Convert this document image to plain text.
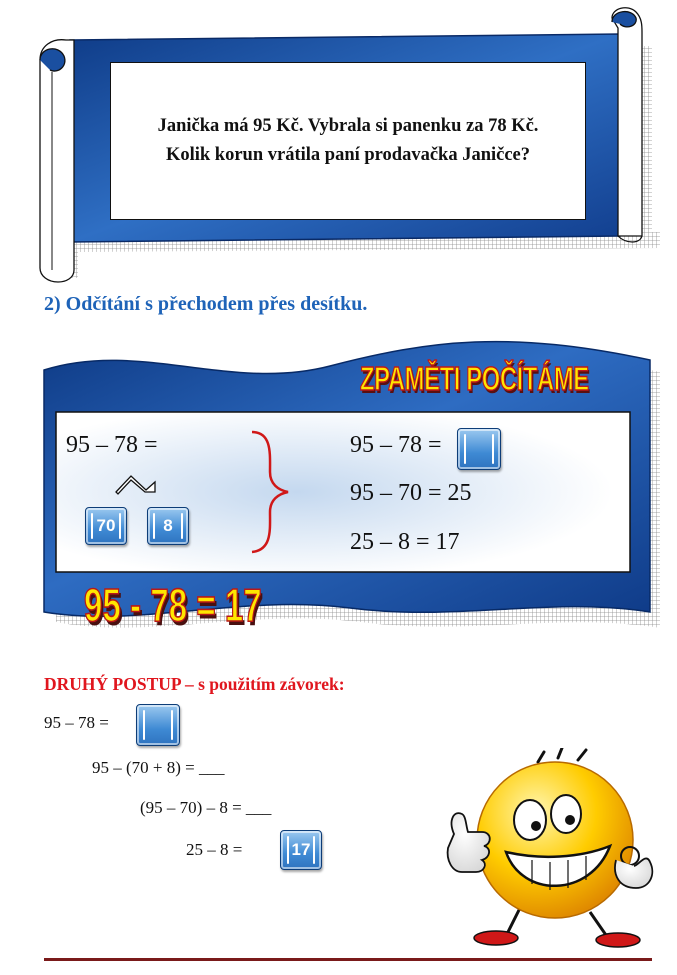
Janička má 95 Kč. Vybrala si panenku za 78 Kč.
Kolik korun vrátila paní prodavačka Janičce?
2) Odčítání s přechodem přes desítku.
ZPAMĚTI POČÍTÁME
95 – 78 =
70	8
95 – 78 =
95 – 70 = 25
25 – 8 = 17
95 - 78 = 17
DRUHÝ POSTUP – s použitím závorek:
95 – 78 =
95 – (70 + 8) = ___
(95 – 70) – 8 = ___
25 – 8 =	17
